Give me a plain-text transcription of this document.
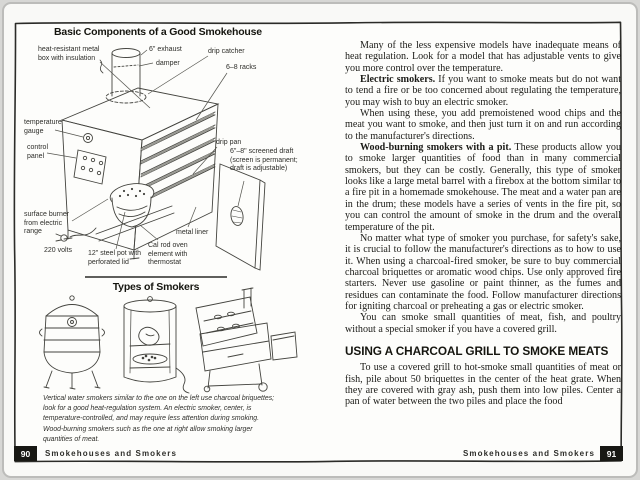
Basic Components of a Good Smokehouse
heat-resistant metal box with insulation
6" exhaust
damper
drip catcher
6–8 racks
temperature gauge
control panel
drip pan
6"–8" screened draft (screen is permanent; draft is adjustable)
surface burner from electric range
220 volts	12" steel pot with perforated lid
Cal rod oven element with thermostat
metal liner
Types of Smokers
Vertical water smokers similar to the one on the left use charcoal briquettes; look for a good heat-regulation system. An electric smoker, center, is temperature-controlled, and may require less attention during smoking. Wood-burning smokers such as the one at right allow smoking larger quantities of meat.

Many of the less expensive models have inadequate means of heat regulation. Look for a model that has adjustable vents to give you more control over the temperature.

Electric smokers. If you want to smoke meats but do not want to tend a fire or be too concerned about regulating the temperature, you may wish to buy an electric smoker.

When using these, you add premoistened wood chips and the meat you want to smoke, and then just turn it on and run according to the manufacturer's directions.

Wood-burning smokers with a pit. These products allow you to smoke larger quantities of food than in many commercial smokers, but they can be costly. Generally, this type of smoker looks like a large metal barrel with a firebox at the bottom similar to a fire pit in a homemade smokehouse. The meat and a water pan are in the drum; these models have a series of vents in the fire pit, so you can control the amount of smoke in the drum and the overall temperature of the pit.

No matter what type of smoker you purchase, for safety's sake, it is crucial to follow the manufacturer's directions as to how to use it. When using a charcoal-fired smoker, be sure to buy commercial charcoal briquettes or aromatic wood chips. Use only approved fire starters. Never use gasoline or paint thinner, as the fumes and residues can contaminate the food. Follow manufacturer directions for igniting charcoal or preheating a gas or electric smoker.

You can smoke small quantities of meat, fish, and poultry without a special smoker if you have a covered grill.

USING A CHARCOAL GRILL TO SMOKE MEATS

To use a covered grill to hot-smoke small quantities of meat or fish, pile about 50 briquettes in the center of the heat grate. When they are covered with gray ash, push them into low piles. Center a pan of water between the two piles and place the food

90	Smokehouses and Smokers	Smokehouses and Smokers	91
